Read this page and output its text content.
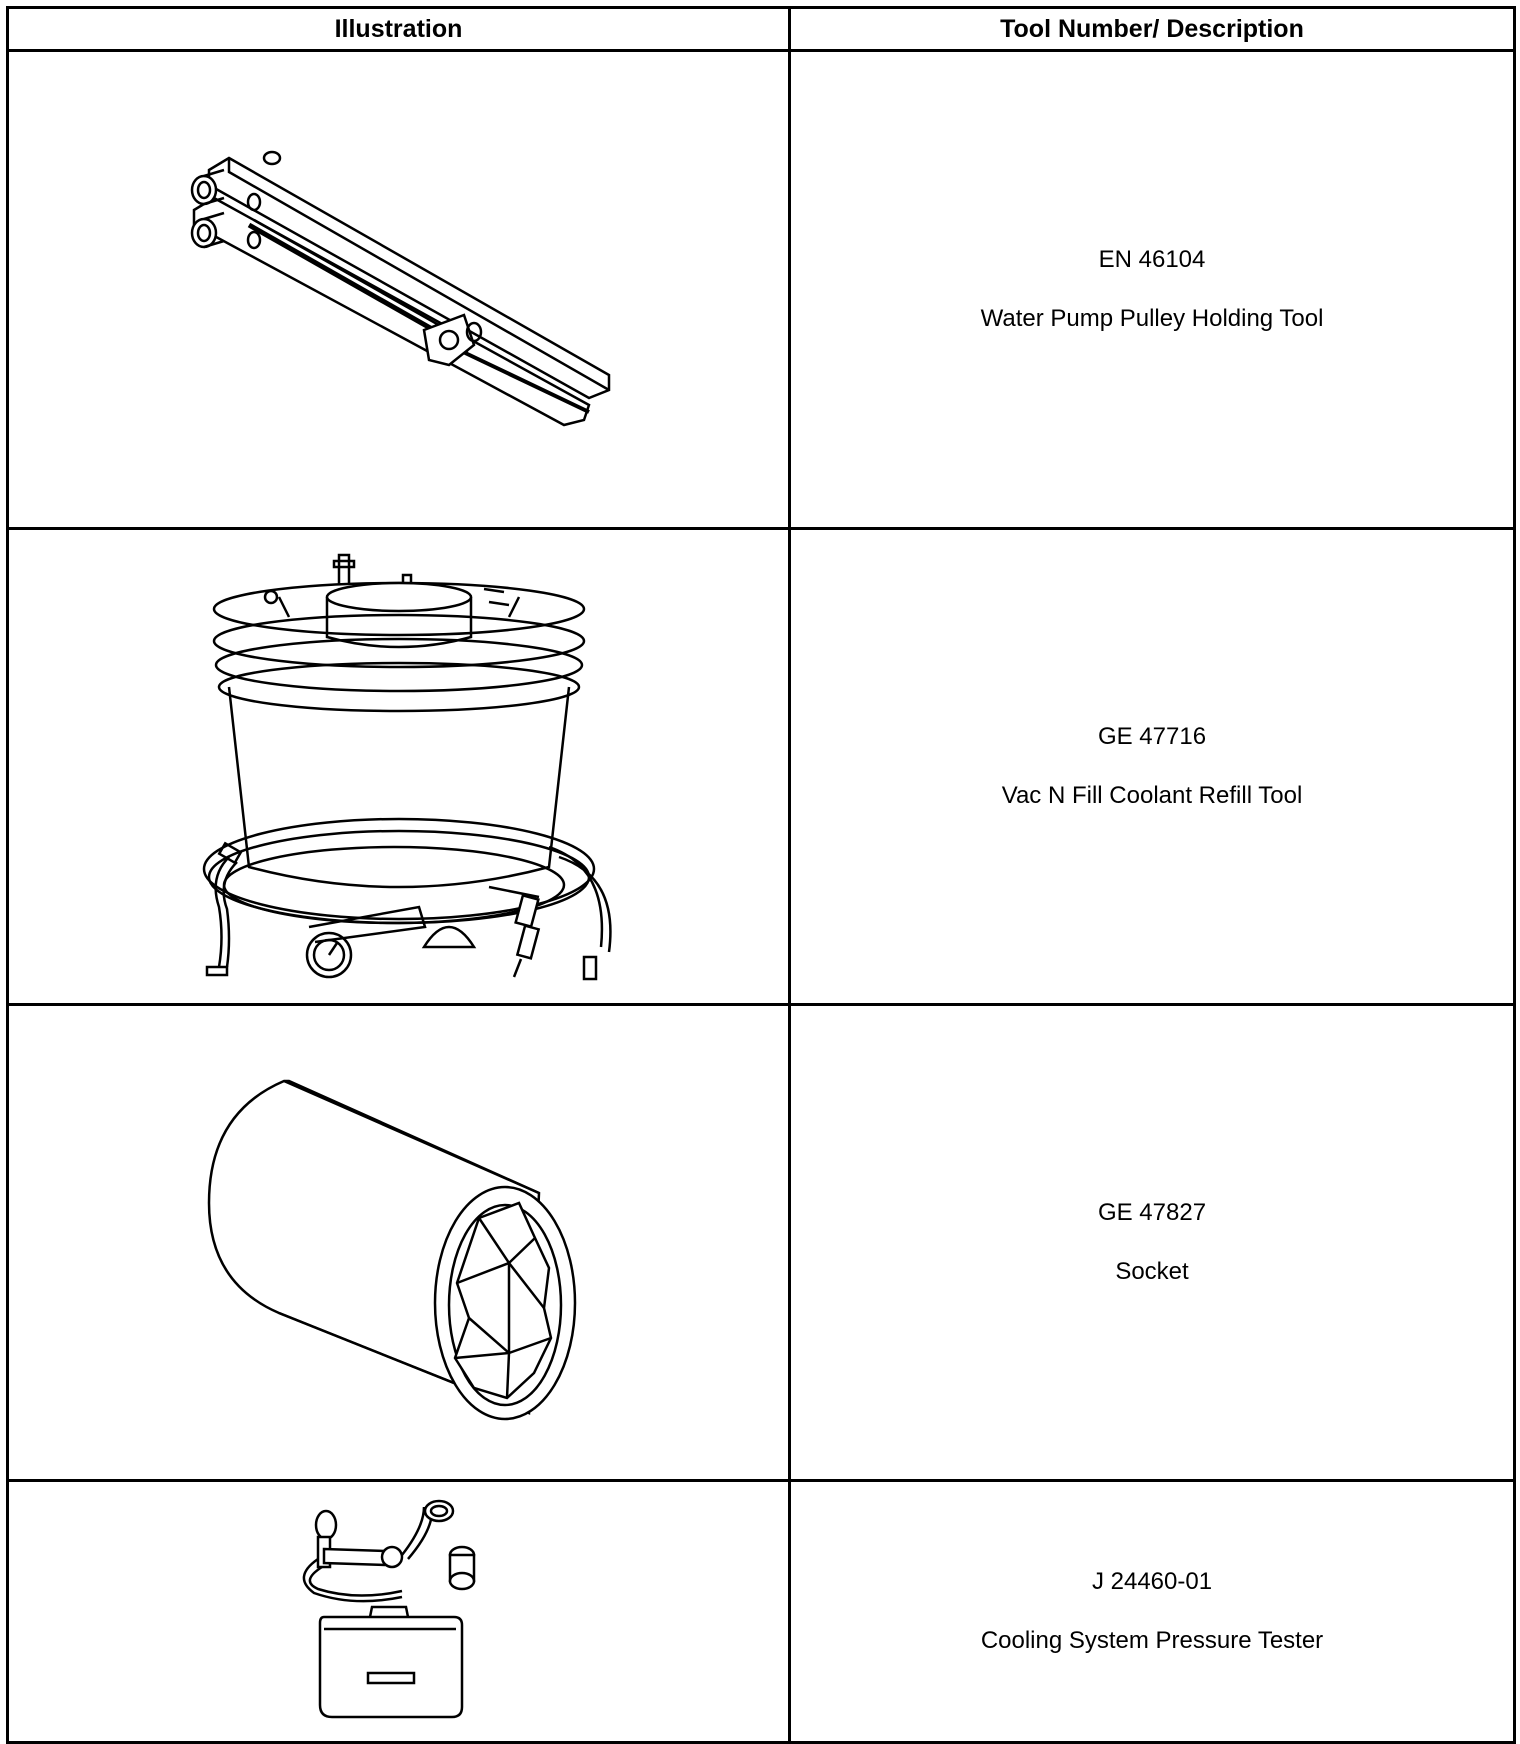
Illustration	Tool Number/ Description

EN 46104
Water Pump Pulley Holding Tool

GE 47716
Vac N Fill Coolant Refill Tool

GE 47827
Socket

J 24460-01
Cooling System Pressure Tester
